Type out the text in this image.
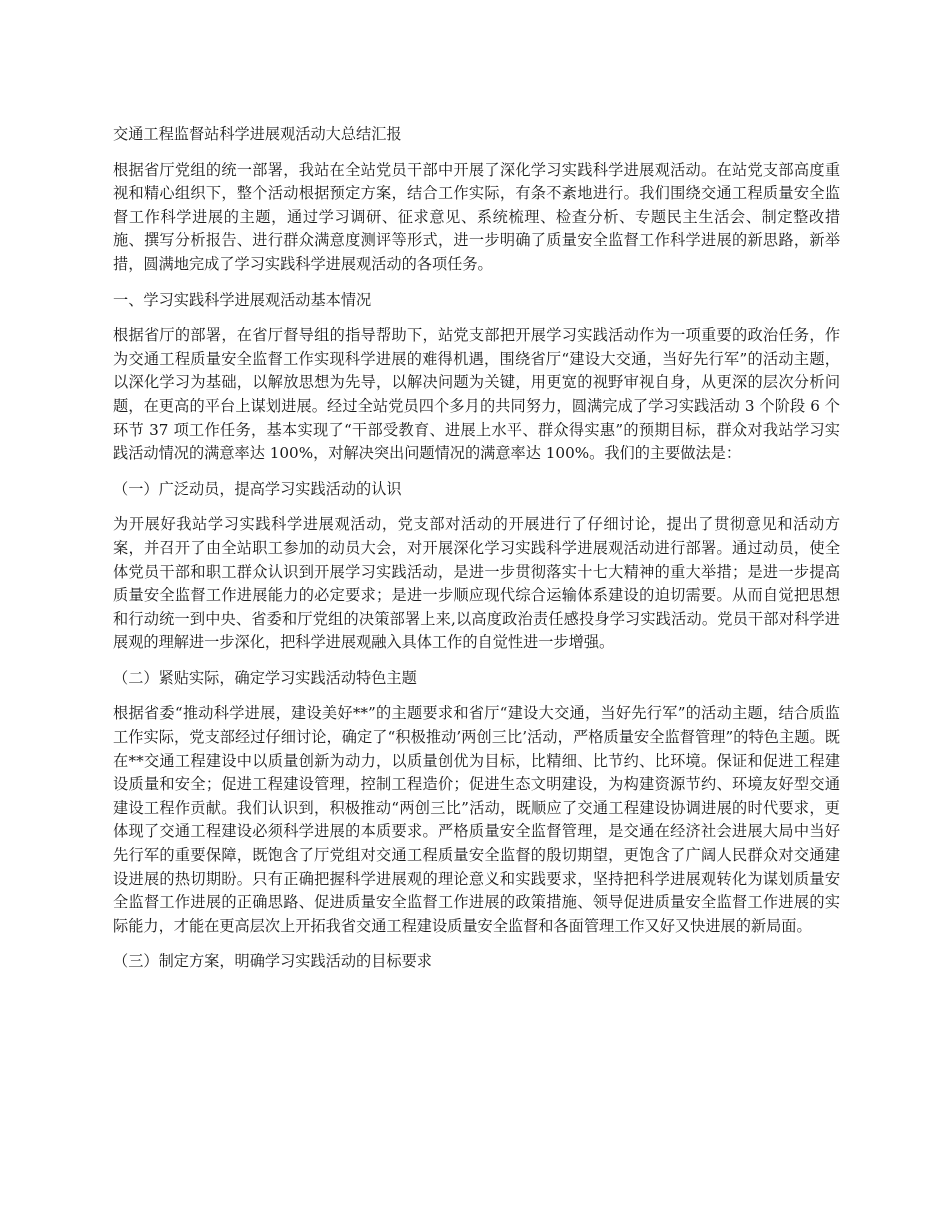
交通工程监督站科学进展观活动大总结汇报

根据省厅党组的统一部署，我站在全站党员干部中开展了深化学习实践科学进展观活动。在站党支部高度重视和精心组织下，整个活动根据预定方案，结合工作实际，有条不紊地进行。我们围绕交通工程质量安全监督工作科学进展的主题，通过学习调研、征求意见、系统梳理、检查分析、专题民主生活会、制定整改措施、撰写分析报告、进行群众满意度测评等形式，进一步明确了质量安全监督工作科学进展的新思路，新举措，圆满地完成了学习实践科学进展观活动的各项任务。

一、学习实践科学进展观活动基本情况

根据省厅的部署，在省厅督导组的指导帮助下，站党支部把开展学习实践活动作为一项重要的政治任务，作为交通工程质量安全监督工作实现科学进展的难得机遇，围绕省厅“建设大交通，当好先行军”的活动主题，以深化学习为基础，以解放思想为先导，以解决问题为关键，用更宽的视野审视自身，从更深的层次分析问题，在更高的平台上谋划进展。经过全站党员四个多月的共同努力，圆满完成了学习实践活动 3 个阶段 6 个环节 37 项工作任务，基本实现了“干部受教育、进展上水平、群众得实惠”的预期目标，群众对我站学习实践活动情况的满意率达 100%，对解决突出问题情况的满意率达 100%。我们的主要做法是：

（一）广泛动员，提高学习实践活动的认识

为开展好我站学习实践科学进展观活动，党支部对活动的开展进行了仔细讨论，提出了贯彻意见和活动方案，并召开了由全站职工参加的动员大会，对开展深化学习实践科学进展观活动进行部署。通过动员，使全体党员干部和职工群众认识到开展学习实践活动，是进一步贯彻落实十七大精神的重大举措；是进一步提高质量安全监督工作进展能力的必定要求；是进一步顺应现代综合运输体系建设的迫切需要。从而自觉把思想和行动统一到中央、省委和厅党组的决策部署上来,以高度政治责任感投身学习实践活动。党员干部对科学进展观的理解进一步深化，把科学进展观融入具体工作的自觉性进一步增强。

（二）紧贴实际，确定学习实践活动特色主题

根据省委“推动科学进展，建设美好**”的主题要求和省厅“建设大交通，当好先行军”的活动主题，结合质监工作实际，党支部经过仔细讨论，确定了“积极推动’两创三比’活动，严格质量安全监督管理”的特色主题。既在**交通工程建设中以质量创新为动力，以质量创优为目标，比精细、比节约、比环境。保证和促进工程建设质量和安全；促进工程建设管理，控制工程造价；促进生态文明建设，为构建资源节约、环境友好型交通建设工程作贡献。我们认识到，积极推动“两创三比”活动，既顺应了交通工程建设协调进展的时代要求，更体现了交通工程建设必须科学进展的本质要求。严格质量安全监督管理，是交通在经济社会进展大局中当好先行军的重要保障，既饱含了厅党组对交通工程质量安全监督的殷切期望，更饱含了广阔人民群众对交通建设进展的热切期盼。只有正确把握科学进展观的理论意义和实践要求，坚持把科学进展观转化为谋划质量安全监督工作进展的正确思路、促进质量安全监督工作进展的政策措施、领导促进质量安全监督工作进展的实际能力，才能在更高层次上开拓我省交通工程建设质量安全监督和各面管理工作又好又快进展的新局面。

（三）制定方案，明确学习实践活动的目标要求
